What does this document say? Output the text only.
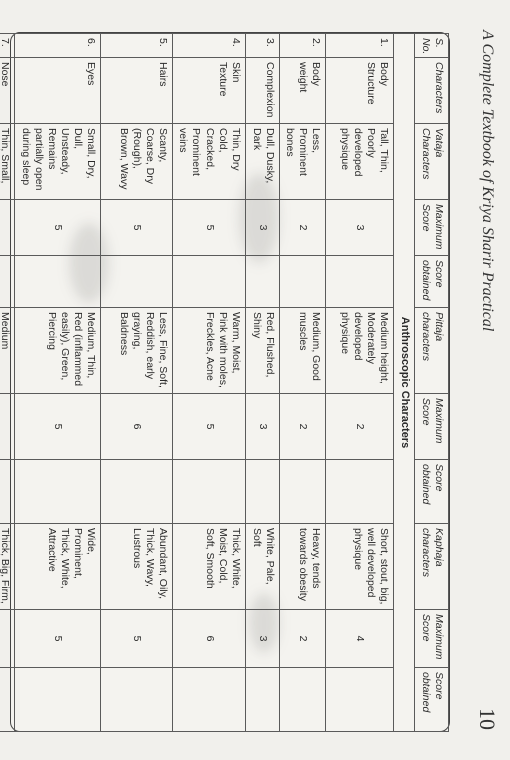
A Complete Textbook of Kriya Sharir Practical
10
S. No.	Characters	Vataja Characters	Maximum Score	Score obtained	Pittaja characters	Maximum Score	Score obtained	Kaphaja characters	Maximum Score	Score obtained
Anthroscopic Characters										
1.	Body Structure	Tall, Thin, Poorly developed physique	3		Medium height, Moderately developed physique	2		Short, stout, big, well developed physique	4	
2.	Body weight	Less, Prominent bones	2		Medium, Good muscles	2		Heavy, tends towards obesity	2	
3.	Complexion	Dull, Dusky, Dark	3		Red, Flushed, Shiny	3		White, Pale, Soft	3	
4.	Skin Texture	Thin, Dry Cold, Cracked, Prominent veins	5		Warm, Moist, Pink with moles, Freckles, Acne	5		Thick, White, Moist, Cold, Soft, Smooth	6	
5.	Hairs	Scanty, Coarse, Dry (Rough), Brown, Wavy	5		Less, Fine, Soft, Reddish, early graying, Baldness	6		Abundant, Oily, Thick, Wavy, Lustrous	5	
6.	Eyes	Small, Dry, Dull, Unsteady, Remains partially open during sleep	5		Medium, Thin, Red (inflammed easily), Green, Piercing	5		Wide, Prominent, Thick, White, Attractive	5	
7.	Nose	Thin, Small,			Medium			Thick, Big, Firm,		
